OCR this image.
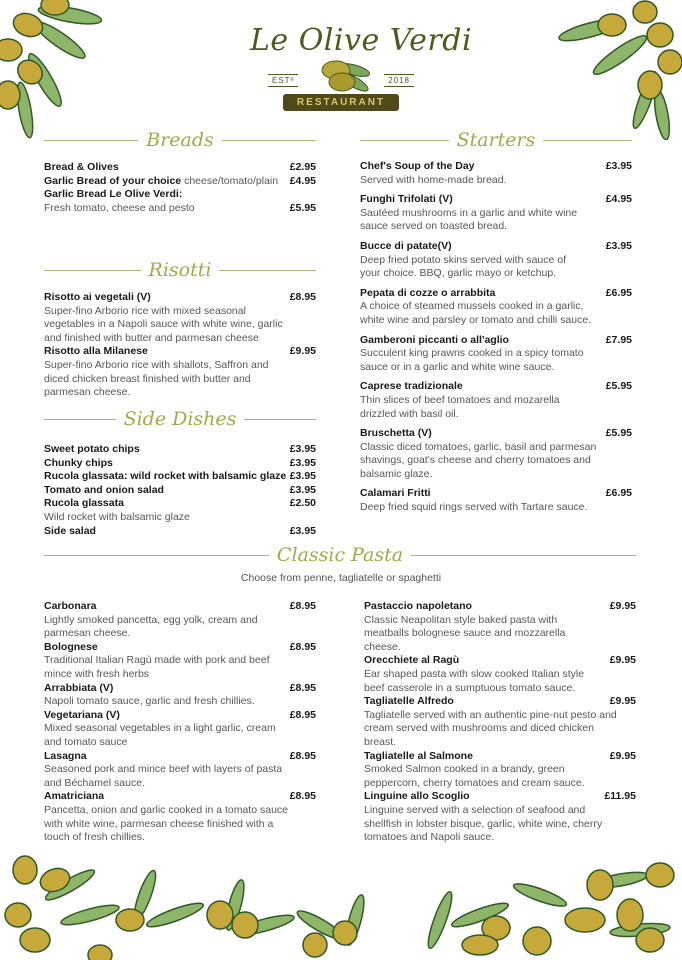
Le Olive Verdi
ESTº	2018
RESTAURANT
Breads
Bread & Olives	£2.95
Garlic Bread of your choice cheese/tomato/plain £4.95
Garlic Bread Le Olive Verdi:
Fresh tomato, cheese and pesto	£5.95
Risotti
Risotto ai vegetali (V)	£8.95
Super-fino Arborio rice with mixed seasonal vegetables in a Napoli sauce with white wine, garlic and finished with butter and parmesan cheese
Risotto alla Milanese	£9.95
Super-fino Arborio rice with shallots, Saffron and diced chicken breast finished with butter and parmesan cheese.
Side Dishes
Sweet potato chips	£3.95
Chunky chips	£3.95
Rucola glassata: wild rocket with balsamic glaze £3.95
Tomato and onion salad	£3.95
Rucola glassata	£2.50
Wild rocket with balsamic glaze
Side salad	£3.95
Starters
Chef's Soup of the Day	£3.95
Served with home-made bread.
Funghi Trifolati (V)	£4.95
Sautéed mushrooms in a garlic and white wine sauce served on toasted bread.
Bucce di patate(V)	£3.95
Deep fried potato skins served with sauce of your choice. BBQ, garlic mayo or ketchup.
Pepata di cozze o arrabbita	£6.95
A choice of steamed mussels cooked in a garlic, white wine and parsley or tomato and chilli sauce.
Gamberoni piccanti o all'aglio	£7.95
Succulent king prawns cooked in a spicy tomato sauce or in a garlic and white wine sauce.
Caprese tradizionale	£5.95
Thin slices of beef tomatoes and mozarella drizzled with basil oil.
Bruschetta (V)	£5.95
Classic diced tomatoes, garlic, basil and parmesan shavings, goat's cheese and cherry tomatoes and balsamic glaze.
Calamari Fritti	£6.95
Deep fried squid rings served with Tartare sauce.
Classic Pasta
Choose from penne, tagliatelle or spaghetti
Carbonara	£8.95
Lightly smoked pancetta, egg yolk, cream and parmesan cheese.
Bolognese	£8.95
Traditional Italian Ragù made with pork and beef mince with fresh herbs
Arrabbiata (V)	£8.95
Napoli tomato sauce, garlic and fresh chillies.
Vegetariana (V)	£8.95
Mixed seasonal vegetables in a light garlic, cream and tomato sauce
Lasagna	£8.95
Seasoned pork and mince beef with layers of pasta and Béchamel sauce.
Amatriciana	£8.95
Pancetta, onion and garlic cooked in a tomato sauce with white wine, parmesan cheese finished with a touch of fresh chillies.
Pastaccio napoletano	£9.95
Classic Neapolitan style baked pasta with meatballs bolognese sauce and mozzarella cheese.
Orecchiete al Ragù	£9.95
Ear shaped pasta with slow cooked Italian style beef casserole in a sumptuous tomato sauce.
Tagliatelle Alfredo	£9.95
Tagliatelle served with an authentic pine-nut pesto and cream served with mushrooms and diced chicken breast.
Tagliatelle al Salmone	£9.95
Smoked Salmon cooked in a brandy, green peppercorn, cherry tomatoes and cream sauce.
Linguine allo Scoglio	£11.95
Linguine served with a selection of seafood and shellfish in lobster bisque, garlic, white wine, cherry tomatoes and Napoli sauce.
